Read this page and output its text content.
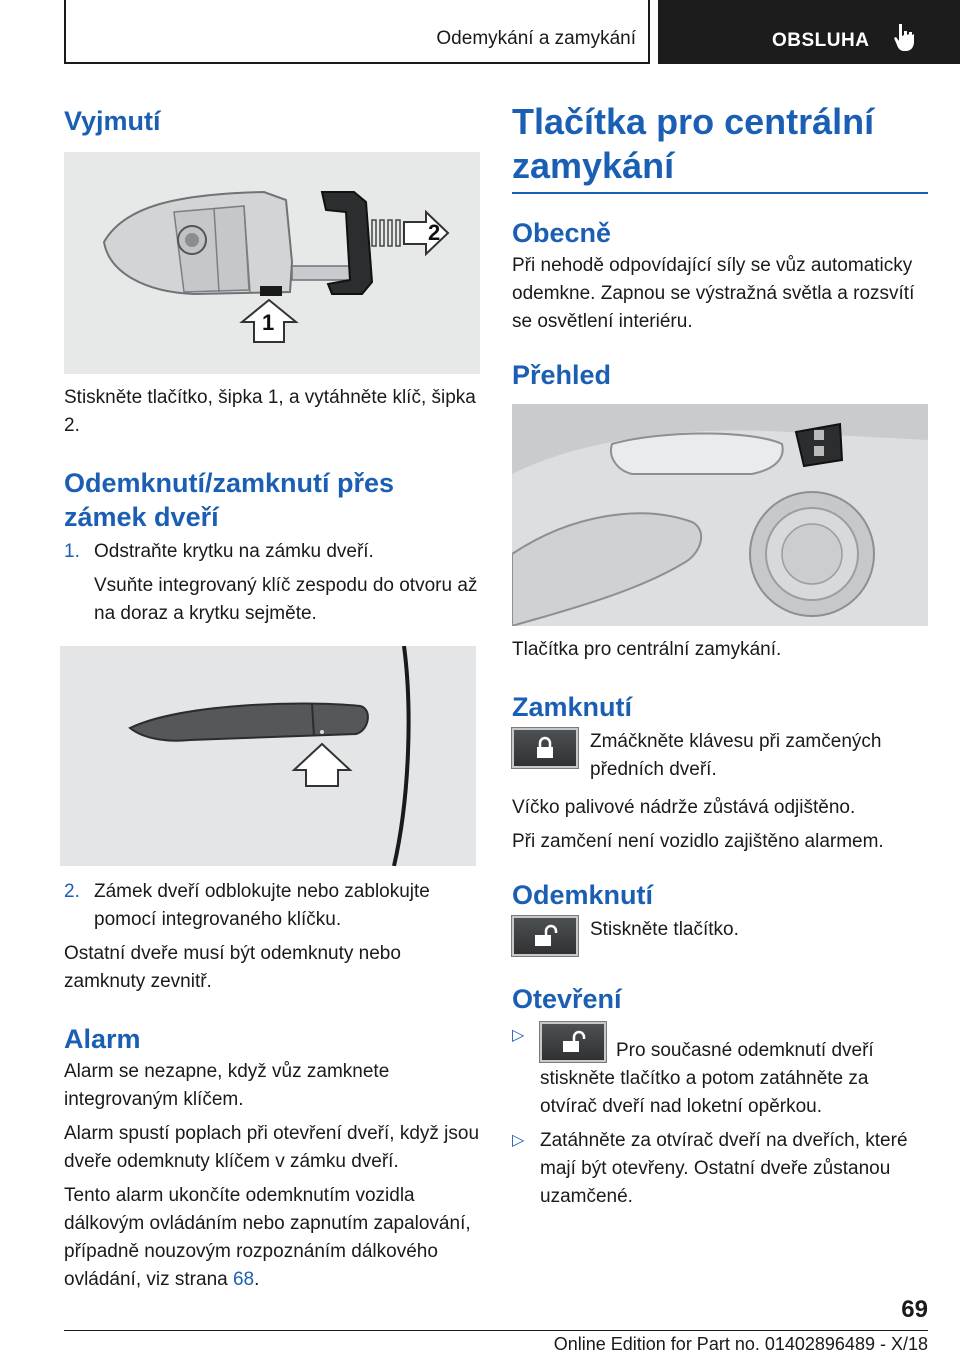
Odemykání a zamykání	OBSLUHA
Vyjmutí
1
2

Stiskněte tlačítko, šipka 1, a vytáhněte klíč, šipka 2.

Odemknutí/zamknutí přes zámek dveří
1. Odstraňte krytku na zámku dveří.

Vsuňte integrovaný klíč zespodu do otvoru až na doraz a krytku sejměte.

2. Zámek dveří odblokujte nebo zablokujte pomocí integrovaného klíčku.

Ostatní dveře musí být odemknuty nebo zamknuty zevnitř.

Alarm

Alarm se nezapne, když vůz zamknete integrovaným klíčem.

Alarm spustí poplach při otevření dveří, když jsou dveře odemknuty klíčem v zámku dveří.

Tento alarm ukončíte odemknutím vozidla dálkovým ovládáním nebo zapnutím zapalování, případně nouzovým rozpoznáním dálkového ovládání, viz strana 68.

Tlačítka pro centrální zamykání
Obecně

Při nehodě odpovídající síly se vůz automaticky odemkne. Zapnou se výstražná světla a rozsvítí se osvětlení interiéru.

Přehled

Tlačítka pro centrální zamykání.

Zamknutí

Zmáčkněte klávesu při zamčených předních dveří.

Víčko palivové nádrže zůstává odjištěno.

Při zamčení není vozidlo zajištěno alarmem.

Odemknutí

Stiskněte tlačítko.

Otevření
▷
Pro současné odemknutí dveří stiskněte tlačítko a potom zatáhněte za otvírač dveří nad loketní opěrkou.
▷ Zatáhněte za otvírač dveří na dveřích, které mají být otevřeny. Ostatní dveře zůstanou uzamčené.

69
Online Edition for Part no. 01402896489 - X/18
